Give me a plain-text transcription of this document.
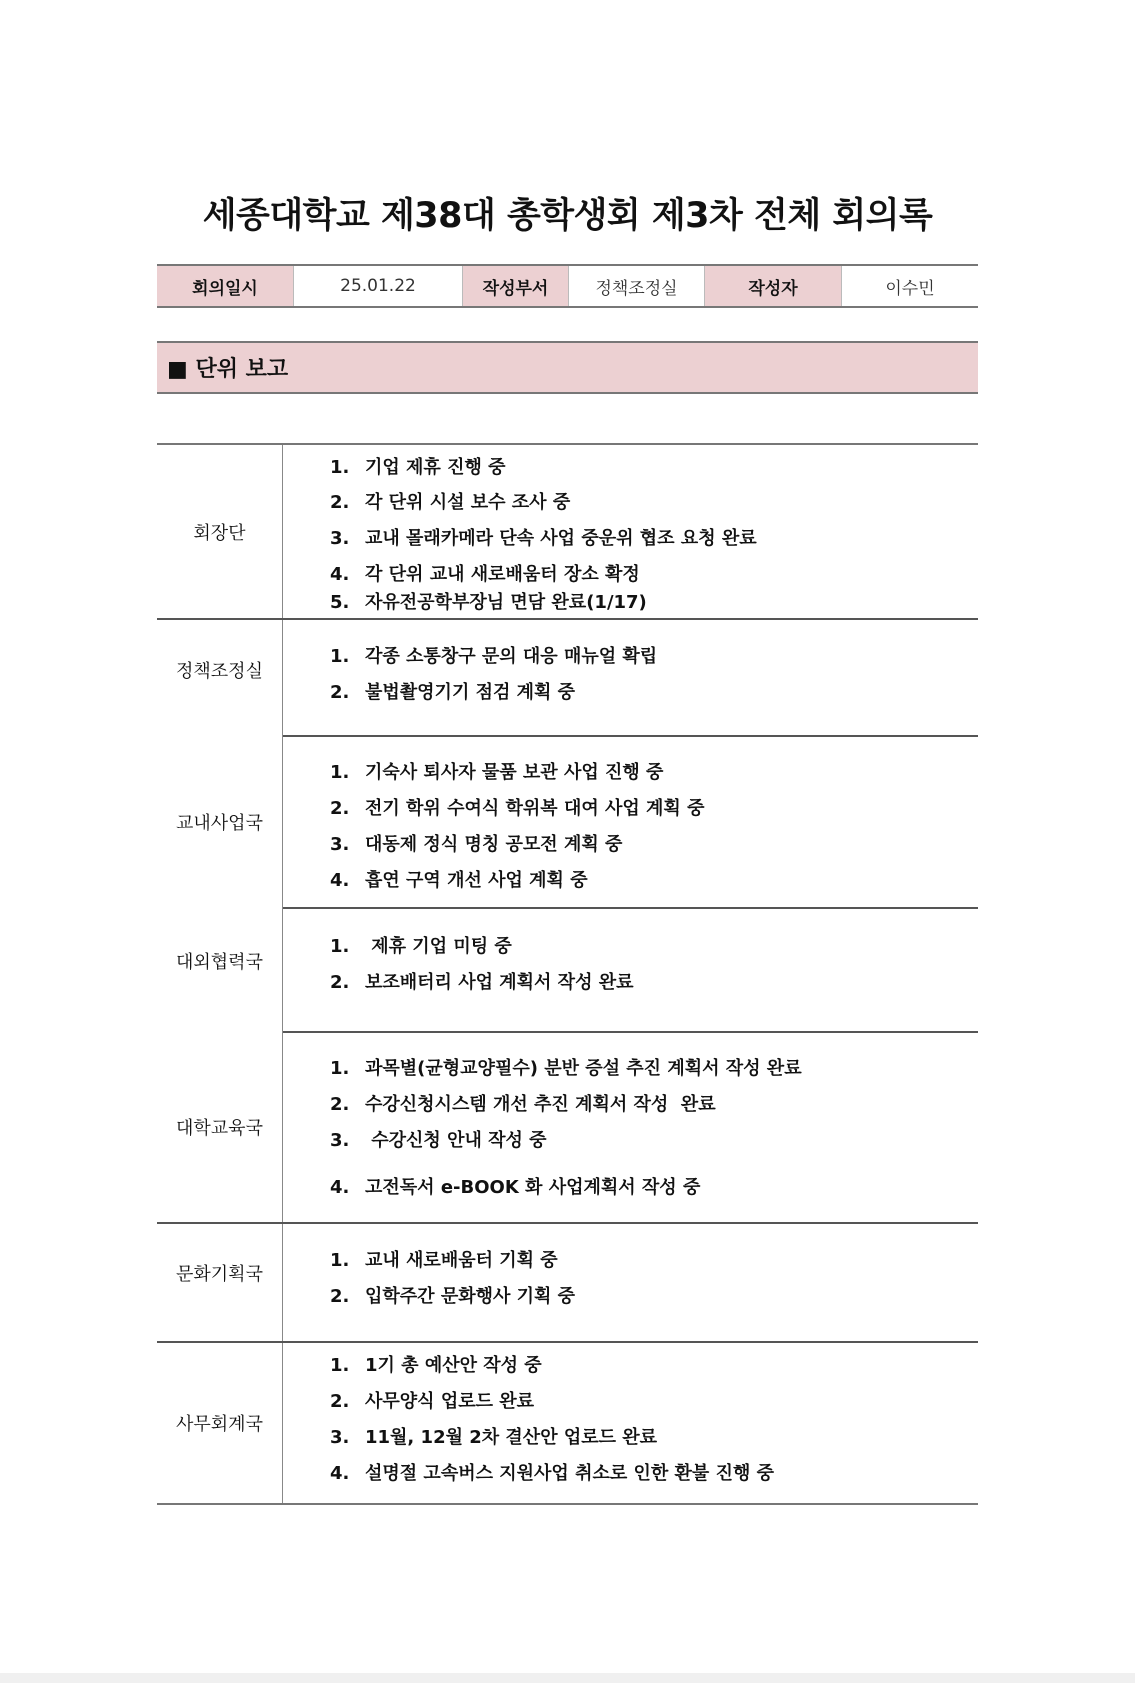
세종대학교 제38대 총학생회 제3차 전체 회의록
회의일시	25.01.22	작성부서	정책조정실	작성자	이수민
■ 단위 보고
회장단
1. 기업 제휴 진행 중
2. 각 단위 시설 보수 조사 중
3. 교내 몰래카메라 단속 사업 중운위 협조 요청 완료
4. 각 단위 교내 새로배움터 장소 확정
5. 자유전공학부장님 면담 완료(1/17)
정책조정실
1. 각종 소통창구 문의 대응 매뉴얼 확립
2. 불법촬영기기 점검 계획 중
교내사업국
1. 기숙사 퇴사자 물품 보관 사업 진행 중
2. 전기 학위 수여식 학위복 대여 사업 계획 중
3. 대동제 정식 명칭 공모전 계획 중
4. 흡연 구역 개선 사업 계획 중
대외협력국
1. 제휴 기업 미팅 중
2. 보조배터리 사업 계획서 작성 완료
대학교육국
1. 과목별(균형교양필수) 분반 증설 추진 계획서 작성 완료
2. 수강신청시스템 개선 추진 계획서 작성  완료
3. 수강신청 안내 작성 중
4. 고전독서 e-BOOK 화 사업계획서 작성 중
문화기획국
1. 교내 새로배움터 기획 중
2. 입학주간 문화행사 기획 중
사무회계국
1. 1기 총 예산안 작성 중
2. 사무양식 업로드 완료
3. 11월, 12월 2차 결산안 업로드 완료
4. 설명절 고속버스 지원사업 취소로 인한 환불 진행 중
